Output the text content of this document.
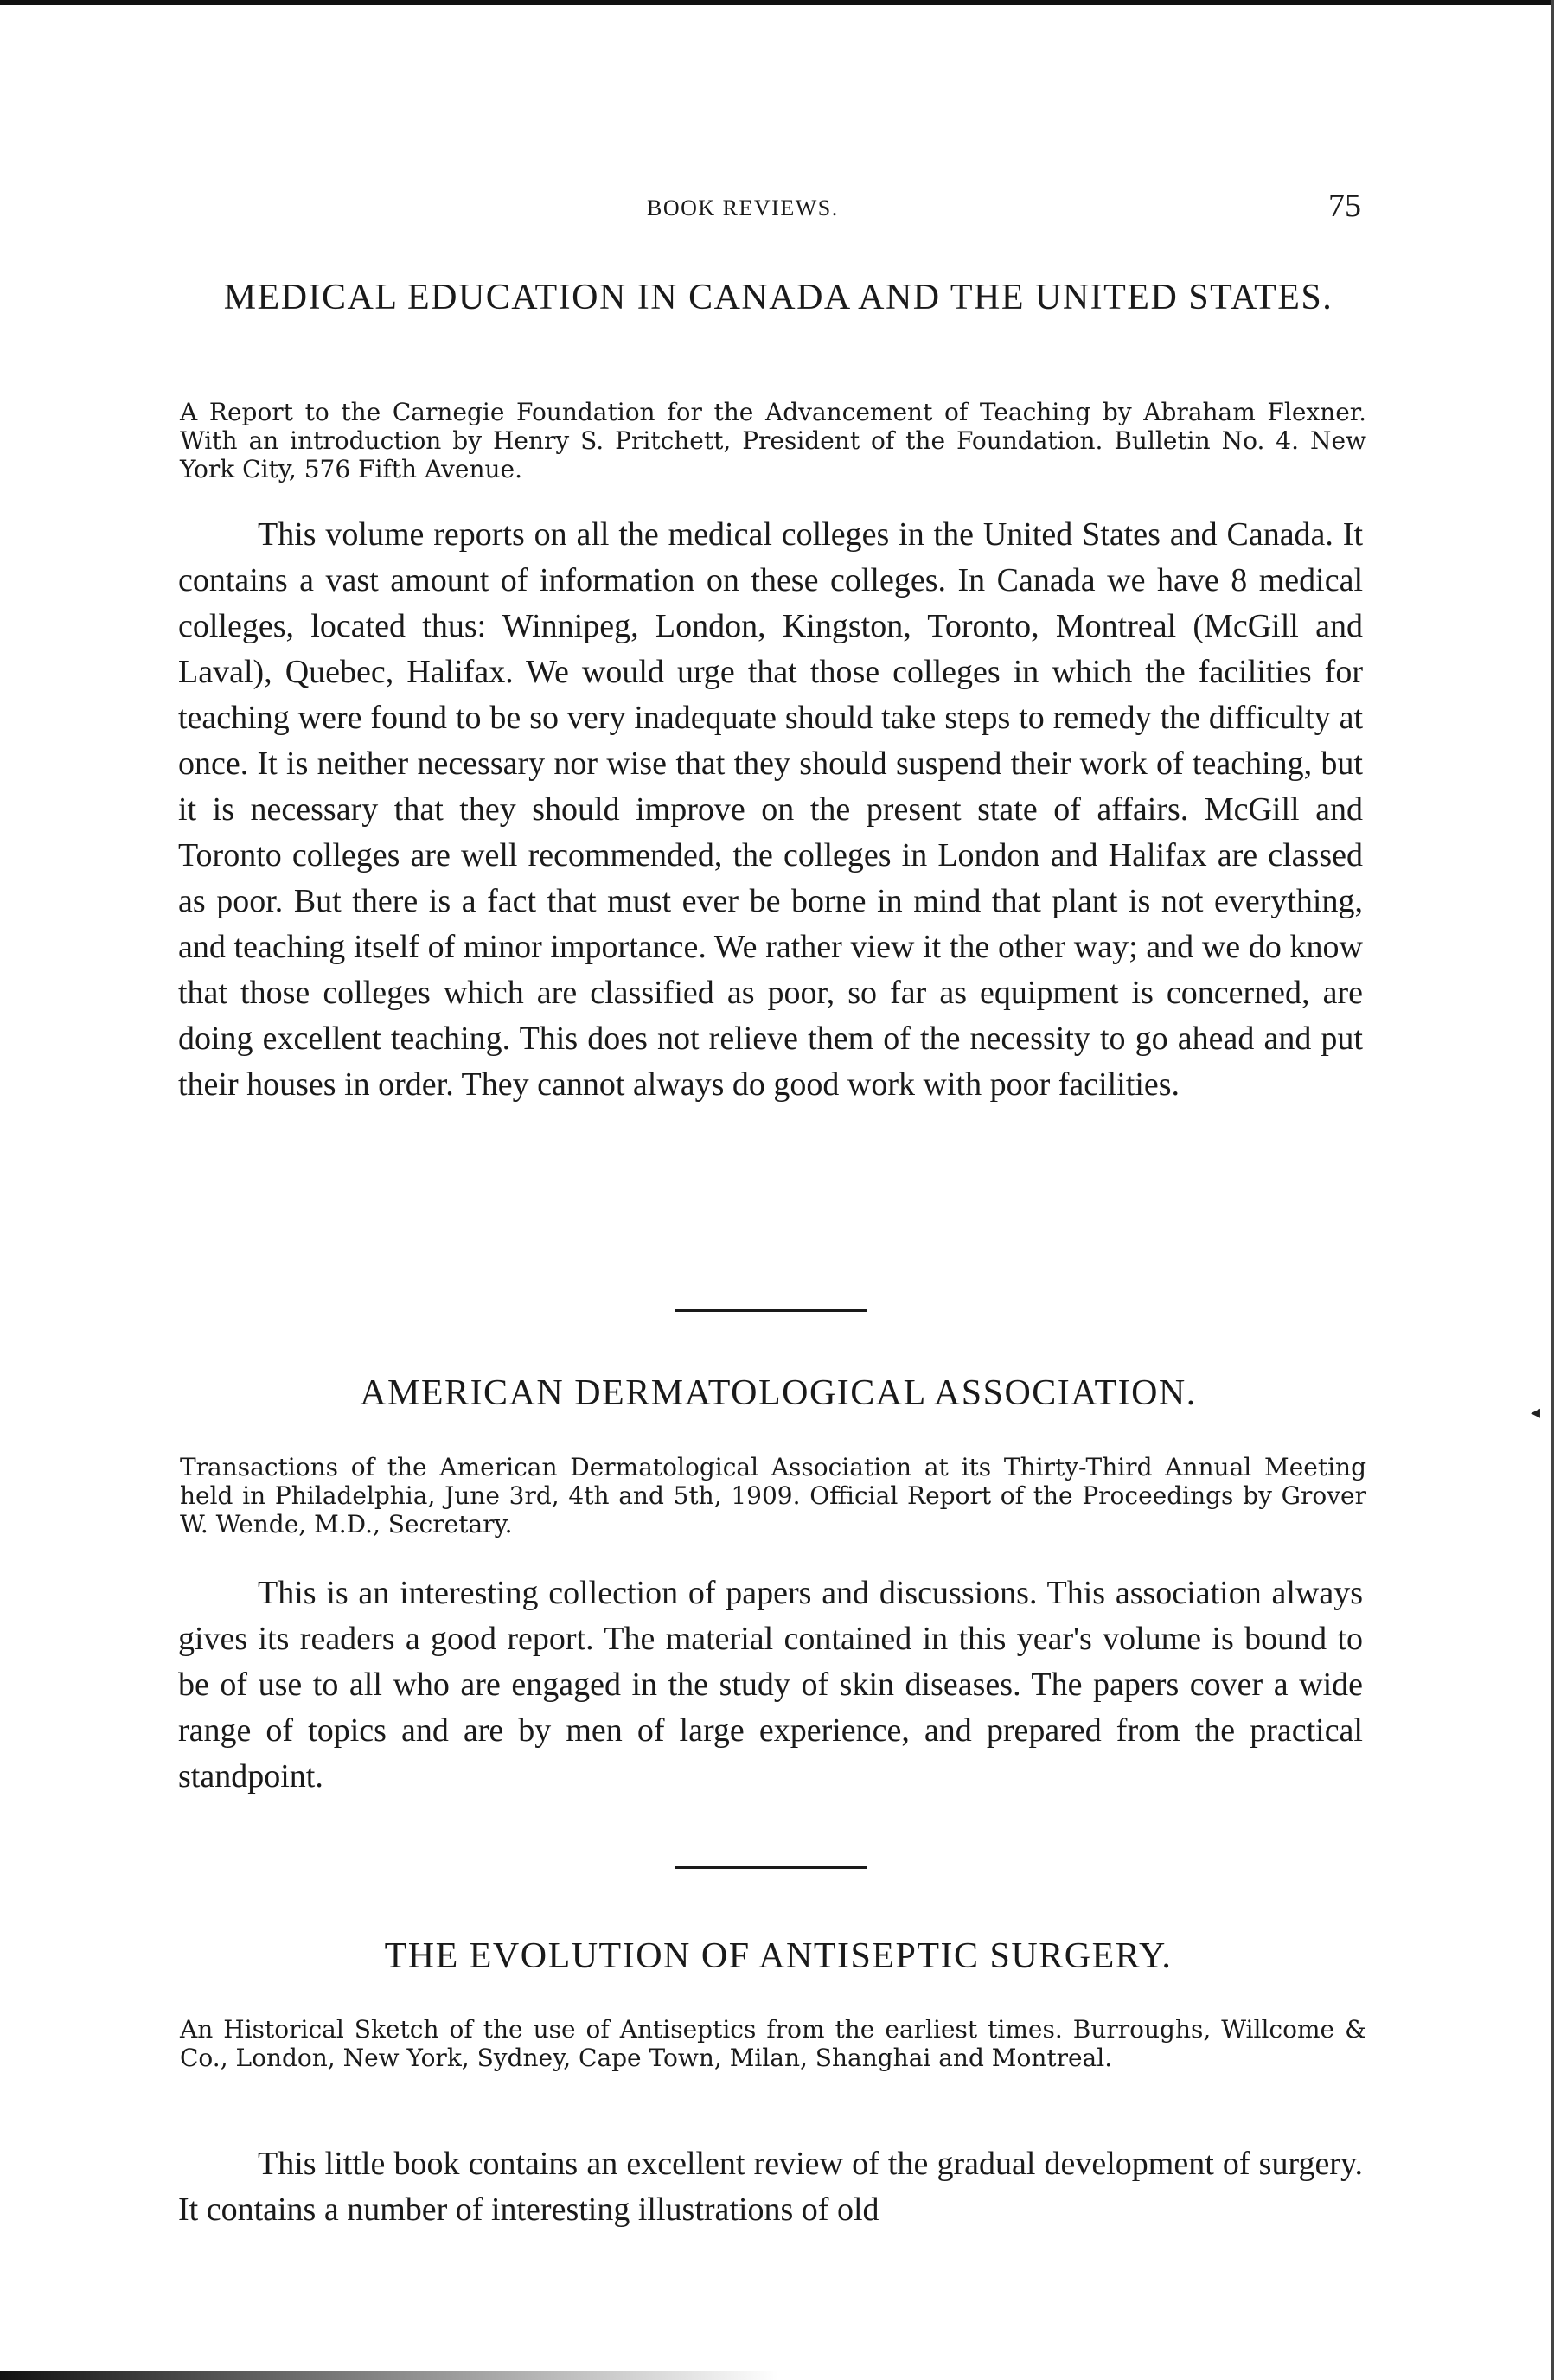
BOOK REVIEWS.	75
MEDICAL EDUCATION IN CANADA AND THE UNITED STATES.
A Report to the Carnegie Foundation for the Advancement of Teaching by Abraham Flexner. With an introduction by Henry S. Pritchett, President of the Foundation. Bulletin No. 4. New York City, 576 Fifth Avenue.
This volume reports on all the medical colleges in the United States and Canada. It contains a vast amount of information on these colleges. In Canada we have 8 medical colleges, located thus: Winnipeg, London, Kingston, Toronto, Montreal (McGill and Laval), Quebec, Halifax. We would urge that those colleges in which the facilities for teaching were found to be so very inadequate should take steps to remedy the difficulty at once. It is neither necessary nor wise that they should suspend their work of teaching, but it is necessary that they should improve on the present state of affairs. McGill and Toronto colleges are well recommended, the colleges in London and Halifax are classed as poor. But there is a fact that must ever be borne in mind that plant is not everything, and teaching itself of minor importance. We rather view it the other way; and we do know that those colleges which are classified as poor, so far as equipment is concerned, are doing excellent teaching. This does not relieve them of the necessity to go ahead and put their houses in order. They cannot always do good work with poor facilities.
AMERICAN DERMATOLOGICAL ASSOCIATION.
Transactions of the American Dermatological Association at its Thirty-Third Annual Meeting held in Philadelphia, June 3rd, 4th and 5th, 1909. Official Report of the Proceedings by Grover W. Wende, M.D., Secretary.
This is an interesting collection of papers and discussions. This association always gives its readers a good report. The material contained in this year's volume is bound to be of use to all who are engaged in the study of skin diseases. The papers cover a wide range of topics and are by men of large experience, and prepared from the practical standpoint.
THE EVOLUTION OF ANTISEPTIC SURGERY.
An Historical Sketch of the use of Antiseptics from the earliest times. Burroughs, Willcome & Co., London, New York, Sydney, Cape Town, Milan, Shanghai and Montreal.
This little book contains an excellent review of the gradual development of surgery. It contains a number of interesting illustrations of old
◂
